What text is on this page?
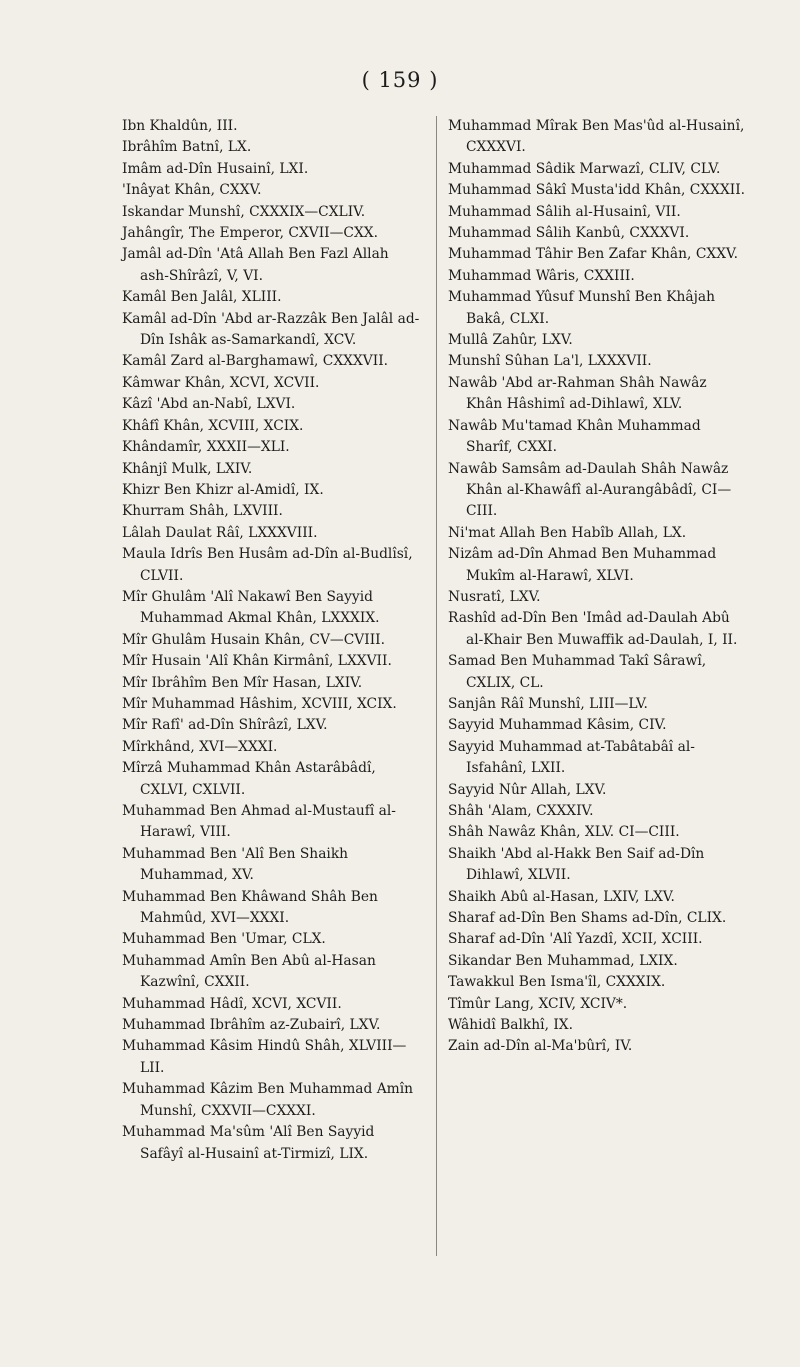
( 159 )

Ibn Khaldûn, III.

Ibrâhîm Batnî, LX.

Imâm ad-Dîn Husainî, LXI.

'Inâyat Khân, CXXV.

Iskandar Munshî, CXXXIX—CXLIV.

Jahângîr, The Emperor, CXVII—CXX.

Jamâl ad-Dîn 'Atâ Allah Ben Fazl Allah ash-Shîrâzî, V, VI.

Kamâl Ben Jalâl, XLIII.

Kamâl ad-Dîn 'Abd ar-Razzâk Ben Jalâl ad-Dîn Ishâk as-Samarkandî, XCV.

Kamâl Zard al-Barghamawî, CXXXVII.

Kâmwar Khân, XCVI, XCVII.

Kâzî 'Abd an-Nabî, LXVI.

Khâfî Khân, XCVIII, XCIX.

Khândamîr, XXXII—XLI.

Khânjî Mulk, LXIV.

Khizr Ben Khizr al-Amidî, IX.

Khurram Shâh, LXVIII.

Lâlah Daulat Râî, LXXXVIII.

Maula Idrîs Ben Husâm ad-Dîn al-Budlîsî, CLVII.

Mîr Ghulâm 'Alî Nakawî Ben Sayyid Muhammad Akmal Khân, LXXXIX.

Mîr Ghulâm Husain Khân, CV—CVIII.

Mîr Husain 'Alî Khân Kirmânî, LXXVII.

Mîr Ibrâhîm Ben Mîr Hasan, LXIV.

Mîr Muhammad Hâshim, XCVIII, XCIX.

Mîr Rafî' ad-Dîn Shîrâzî, LXV.

Mîrkhând, XVI—XXXI.

Mîrzâ Muhammad Khân Astarâbâdî, CXLVI, CXLVII.

Muhammad Ben Ahmad al-Mustaufî al-Harawî, VIII.

Muhammad Ben 'Alî Ben Shaikh Muhammad, XV.

Muhammad Ben Khâwand Shâh Ben Mahmûd, XVI—XXXI.

Muhammad Ben 'Umar, CLX.

Muhammad Amîn Ben Abû al-Hasan Kazwînî, CXXII.

Muhammad Hâdî, XCVI, XCVII.

Muhammad Ibrâhîm az-Zubairî, LXV.

Muhammad Kâsim Hindû Shâh, XLVIII—LII.

Muhammad Kâzim Ben Muhammad Amîn Munshî, CXXVII—CXXXI.

Muhammad Ma'sûm 'Alî Ben Sayyid Safâyî al-Husainî at-Tirmizî, LIX.

Muhammad Mîrak Ben Mas'ûd al-Husainî, CXXXVI.

Muhammad Sâdik Marwazî, CLIV, CLV.

Muhammad Sâkî Musta'idd Khân, CXXXII.

Muhammad Sâlih al-Husainî, VII.

Muhammad Sâlih Kanbû, CXXXVI.

Muhammad Tâhir Ben Zafar Khân, CXXV.

Muhammad Wâris, CXXIII.

Muhammad Yûsuf Munshî Ben Khâjah Bakâ, CLXI.

Mullâ Zahûr, LXV.

Munshî Sûhan La'l, LXXXVII.

Nawâb 'Abd ar-Rahman Shâh Nawâz Khân Hâshimî ad-Dihlawî, XLV.

Nawâb Mu'tamad Khân Muhammad Sharîf, CXXI.

Nawâb Samsâm ad-Daulah Shâh Nawâz Khân al-Khawâfî al-Aurangâbâdî, CI—CIII.

Ni'mat Allah Ben Habîb Allah, LX.

Nizâm ad-Dîn Ahmad Ben Muhammad Mukîm al-Harawî, XLVI.

Nusratî, LXV.

Rashîd ad-Dîn Ben 'Imâd ad-Daulah Abû al-Khair Ben Muwaffik ad-Daulah, I, II.

Samad Ben Muhammad Takî Sârawî, CXLIX, CL.

Sanjân Râî Munshî, LIII—LV.

Sayyid Muhammad Kâsim, CIV.

Sayyid Muhammad at-Tabâtabâî al-Isfahânî, LXII.

Sayyid Nûr Allah, LXV.

Shâh 'Alam, CXXXIV.

Shâh Nawâz Khân, XLV. CI—CIII.

Shaikh 'Abd al-Hakk Ben Saif ad-Dîn Dihlawî, XLVII.

Shaikh Abû al-Hasan, LXIV, LXV.

Sharaf ad-Dîn Ben Shams ad-Dîn, CLIX.

Sharaf ad-Dîn 'Alî Yazdî, XCII, XCIII.

Sikandar Ben Muhammad, LXIX.

Tawakkul Ben Isma'îl, CXXXIX.

Tîmûr Lang, XCIV, XCIV*.

Wâhidî Balkhî, IX.

Zain ad-Dîn al-Ma'bûrî, IV.
